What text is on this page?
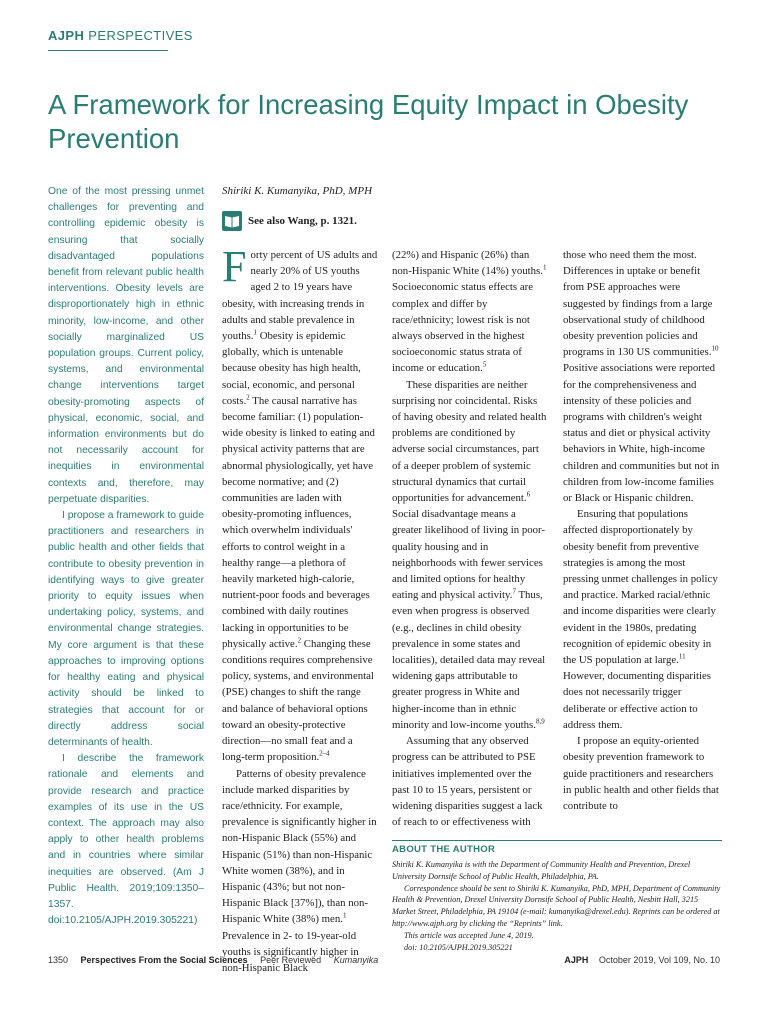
AJPH PERSPECTIVES
A Framework for Increasing Equity Impact in Obesity Prevention

One of the most pressing unmet challenges for preventing and controlling epidemic obesity is ensuring that socially disadvantaged populations benefit from relevant public health interventions. Obesity levels are disproportionately high in ethnic minority, low-income, and other socially marginalized US population groups. Current policy, systems, and environmental change interventions target obesity-promoting aspects of physical, economic, social, and information environments but do not necessarily account for inequities in environmental contexts and, therefore, may perpetuate disparities.

I propose a framework to guide practitioners and researchers in public health and other fields that contribute to obesity prevention in identifying ways to give greater priority to equity issues when undertaking policy, systems, and environmental change strategies. My core argument is that these approaches to improving options for healthy eating and physical activity should be linked to strategies that account for or directly address social determinants of health.

I describe the framework rationale and elements and provide research and practice examples of its use in the US context. The approach may also apply to other health problems and in countries where similar inequities are observed. (Am J Public Health. 2019;109:1350–1357. doi:10.2105/AJPH.2019.305221)

Shiriki K. Kumanyika, PhD, MPH
See also Wang, p. 1321.

Forty percent of US adults and nearly 20% of US youths aged 2 to 19 years have obesity, with increasing trends in adults and stable prevalence in youths.$^1$ Obesity is epidemic globally, which is untenable because obesity has high health, social, economic, and personal costs.$^2$ The causal narrative has become familiar: (1) population-wide obesity is linked to eating and physical activity patterns that are abnormal physiologically, yet have become normative; and (2) communities are laden with obesity-promoting influences, which overwhelm individuals' efforts to control weight in a healthy range—a plethora of heavily marketed high-calorie, nutrient-poor foods and beverages combined with daily routines lacking in opportunities to be physically active.$^2$ Changing these conditions requires comprehensive policy, systems, and environmental (PSE) changes to shift the range and balance of behavioral options toward an obesity-protective direction—no small feat and a long-term proposition.$^{2-4}$

Patterns of obesity prevalence include marked disparities by race/ethnicity. For example, prevalence is significantly higher in non-Hispanic Black (55%) and Hispanic (51%) than non-Hispanic White women (38%), and in Hispanic (43%; but not non-Hispanic Black [37%]), than non-Hispanic White (38%) men.$^1$ Prevalence in 2- to 19-year-old youths is significantly higher in non-Hispanic Black

(22%) and Hispanic (26%) than non-Hispanic White (14%) youths.$^1$ Socioeconomic status effects are complex and differ by race/ethnicity; lowest risk is not always observed in the highest socioeconomic status strata of income or education.$^5$

These disparities are neither surprising nor coincidental. Risks of having obesity and related health problems are conditioned by adverse social circumstances, part of a deeper problem of systemic structural dynamics that curtail opportunities for advancement.$^6$ Social disadvantage means a greater likelihood of living in poor-quality housing and in neighborhoods with fewer services and limited options for healthy eating and physical activity.$^7$ Thus, even when progress is observed (e.g., declines in child obesity prevalence in some states and localities), detailed data may reveal widening gaps attributable to greater progress in White and higher-income than in ethnic minority and low-income youths.$^{8,9}$

Assuming that any observed progress can be attributed to PSE initiatives implemented over the past 10 to 15 years, persistent or widening disparities suggest a lack of reach to or effectiveness with

those who need them the most. Differences in uptake or benefit from PSE approaches were suggested by findings from a large observational study of childhood obesity prevention policies and programs in 130 US communities.$^{10}$ Positive associations were reported for the comprehensiveness and intensity of these policies and programs with children's weight status and diet or physical activity behaviors in White, high-income children and communities but not in children from low-income families or Black or Hispanic children.

Ensuring that populations affected disproportionately by obesity benefit from preventive strategies is among the most pressing unmet challenges in policy and practice. Marked racial/ethnic and income disparities were clearly evident in the 1980s, predating recognition of epidemic obesity in the US population at large.$^{11}$ However, documenting disparities does not necessarily trigger deliberate or effective action to address them.

I propose an equity-oriented obesity prevention framework to guide practitioners and researchers in public health and other fields that contribute to

ABOUT THE AUTHOR

Shiriki K. Kumanyika is with the Department of Community Health and Prevention, Drexel University Dornsife School of Public Health, Philadelphia, PA.

Correspondence should be sent to Shiriki K. Kumanyika, PhD, MPH, Department of Community Health & Prevention, Drexel University Dornsife School of Public Health, Nesbitt Hall, 3215 Market Street, Philadelphia, PA 19104 (e-mail: kumanyika@drexel.edu). Reprints can be ordered at http://www.ajph.org by clicking the “Reprints” link.

This article was accepted June 4, 2019.

doi: 10.2105/AJPH.2019.305221

1350 Perspectives From the Social Sciences Peer Reviewed Kumanyika	AJPH October 2019, Vol 109, No. 10
